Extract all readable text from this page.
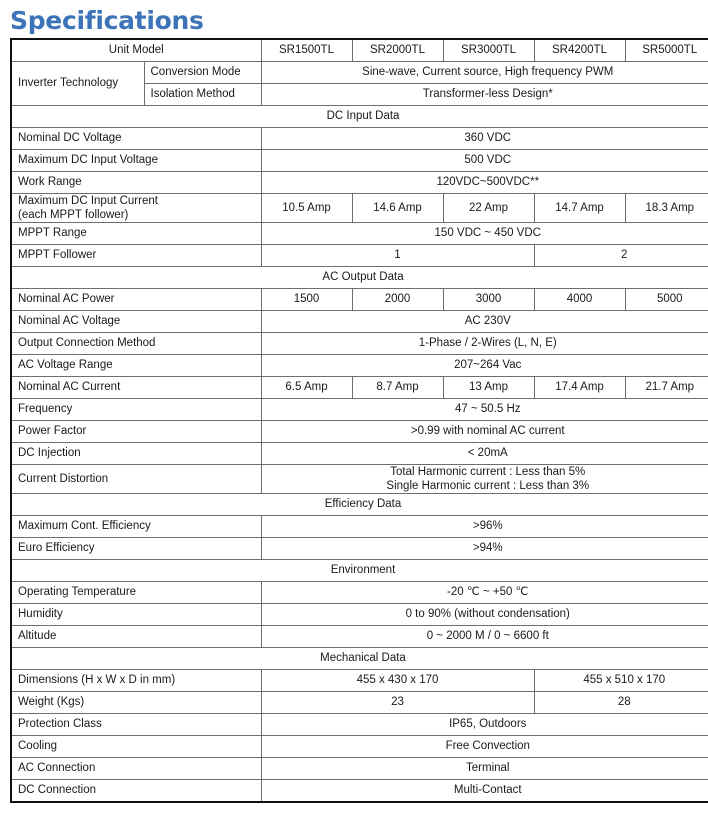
Specifications
Unit Model		SR1500TL	SR2000TL	SR3000TL	SR4200TL	SR5000TL
Inverter Technology	Conversion Mode	Sine-wave, Current source, High frequency PWM				
	Isolation Method	Transformer-less Design*				
DC Input Data						
Nominal DC Voltage		360 VDC				
Maximum DC Input Voltage		500 VDC				
Work Range		120VDC~500VDC**				

Maximum DC Input Current
(each MPPT follower)		10.5 Amp	14.6 Amp	22 Amp	14.7 Amp	18.3 Amp
MPPT Range		150 VDC ~ 450 VDC				
MPPT Follower		1			2	
AC Output Data						
Nominal AC Power		1500	2000	3000	4000	5000
Nominal AC Voltage		AC 230V				
Output Connection Method		1-Phase / 2-Wires (L, N, E)				
AC Voltage Range		207~264 Vac				
Nominal AC Current		6.5 Amp	8.7 Amp	13 Amp	17.4 Amp	21.7 Amp
Frequency		47 ~ 50.5 Hz				
Power Factor		>0.99 with nominal AC current				
DC Injection		< 20mA				
Current Distortion		Total Harmonic current : Less than 5%
Single Harmonic current : Less than 3%				

Efficiency Data						
Maximum Cont. Efficiency		>96%				
Euro Efficiency		>94%				
Environment						
Operating Temperature		-20 ℃ ~ +50 ℃				
Humidity		0 to 90% (without condensation)				
Altitude		0 ~ 2000 M / 0 ~ 6600 ft				
Mechanical Data						
Dimensions (H x W x D in mm)		455 x 430 x 170			455 x 510 x 170	
Weight (Kgs)		23			28	
Protection Class		IP65, Outdoors				
Cooling		Free Convection				
AC Connection		Terminal				
DC Connection		Multi-Contact				
